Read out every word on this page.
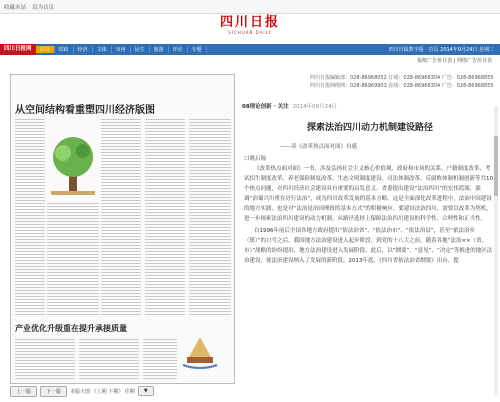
收藏本站 设为首页
四川日报
SICHUAN DAILY
四川日报网	首页	时政	经济	文体	市州	民生	旅游	评论	专题	四川日报数字版 · 首页 2014年9月24日 星期三
报纸广告价目表 | 网络广告价目表
从空间结构看重塑四川经济版图
产业优化升级重在提升承接质量
上一版	下一版	本版大图 《上期 下期》 往期	▼
四川日报编辑部：028-86968052 订阅：028-86968304 广告：028-86968855
四川日报网络网：028-86969903 在线：028-86968304 广告：028-86968855
08理论创新 · 关注 2014年09月24日
探索法治四川动力机制建设路径
——读《改革热点面对面》有感
口姚启翰

《改革热点面对面》一书，涉及弘扬社会主义核心价值观、政府和市场的关系、户籍制度改革、考试招生制度改革、养老保险制度改革、生态文明制度建设、司法体制改革、反腐败体制机制创新等共10个热点问题，对四川经济社会建设具有重要的启发意义。省委提出建设“法治四川”的宏伟蓝图，强调“治蜀兴川重在厉行法治”，成为四川改革发展的基本方略。这是全面深化改革进程中，法治中国建设的地方实践，也是对“法治是治国理政的基本方式”的积极响应。要建设法治四川，需要以改革为契机，进一步探索法治四川建设的动力机制，从路径选择上保障法治四川建设的科学性、合理性和正当性。

自1996年前后全国各地方政府提出“依法治省”、“依法治市”、“依法治县”，甚至“依法治乡（镇）”的口号之后，我国地方法治建设进入起步阶段。到党的十八大之前，随着各地“法治××（省、市）”战略的纷纷提出，地方法治建设进入发展阶段。此后，以“纲要”、“意见”、“决定”等推进的地区法治建设，使法治建设纳入了发展的新阶段。2013年底，《四川省依法治省纲要》出台，提
